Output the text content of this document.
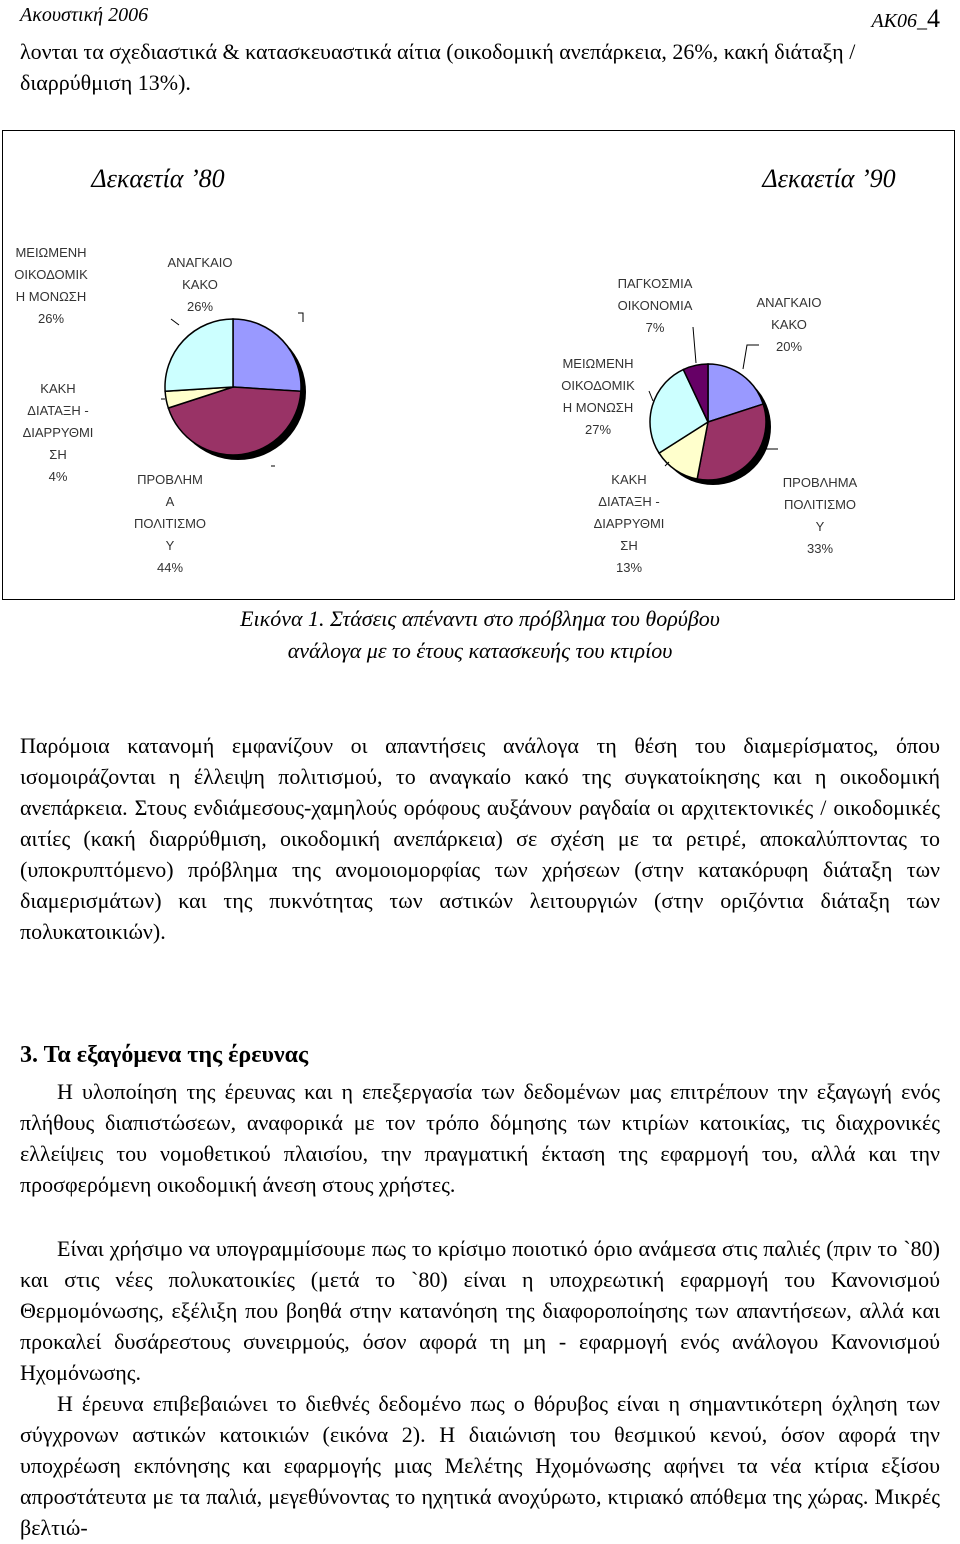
Ακουστική 2006	ΑΚ06_4

λονται τα σχεδιαστικά & κατασκευαστικά αίτια (οικοδομική ανεπάρκεια, 26%, κακή διάταξη / διαρρύθμιση 13%).

Δεκαετία ’80	Δεκαετία ’90
ΑΝΑΓΚΑΙΟ ΚΑΚΟ 26%
ΠΡΟΒΛΗΜ Α ΠΟΛΙΤΙΣΜΟ Υ 44%
ΚΑΚΗ ΔΙΑΤΑΞΗ -ΔΙΑΡΡΥΘΜΙ ΣΗ 4%
ΜΕΙΩΜΕΝΗ ΟΙΚΟΔΟΜΙΚ Η ΜΟΝΩΣΗ 26%
ΑΝΑΓΚΑΙΟ ΚΑΚΟ 20%
ΠΡΟΒΛΗΜΑ ΠΟΛΙΤΙΣΜΟ Υ 33%
ΚΑΚΗ ΔΙΑΤΑΞΗ -ΔΙΑΡΡΥΘΜΙ ΣΗ 13%
ΜΕΙΩΜΕΝΗ ΟΙΚΟΔΟΜΙΚ Η ΜΟΝΩΣΗ 27%
ΠΑΓΚΟΣΜΙΑ ΟΙΚΟΝΟΜΙΑ 7%
Εικόνα 1. Στάσεις απέναντι στο πρόβλημα του θορύβου
ανάλογα με το έτους κατασκευής του κτιρίου

Παρόμοια κατανομή εμφανίζουν οι απαντήσεις ανάλογα τη θέση του διαμερίσματος, όπου ισομοιράζονται η έλλειψη πολιτισμού, το αναγκαίο κακό της συγκατοίκησης και η οικοδομική ανεπάρκεια. Στους ενδιάμεσους-χαμηλούς ορόφους αυξάνουν ραγδαία οι αρχιτεκτονικές / οικοδομικές αιτίες (κακή διαρρύθμιση, οικοδομική ανεπάρκεια) σε σχέση με τα ρετιρέ, αποκαλύπτοντας το (υποκρυπτόμενο) πρόβλημα της ανομοιομορφίας των χρήσεων (στην κατακόρυφη διάταξη των διαμερισμάτων) και της πυκνότητας των αστικών λειτουργιών (στην οριζόντια διάταξη των πολυκατοικιών).

3. Τα εξαγόμενα της έρευνας

Η υλοποίηση της έρευνας και η επεξεργασία των δεδομένων μας επιτρέπουν την εξαγωγή ενός πλήθους διαπιστώσεων, αναφορικά με τον τρόπο δόμησης των κτιρίων κατοικίας, τις διαχρονικές ελλείψεις του νομοθετικού πλαισίου, την πραγματική έκταση της εφαρμογή του, αλλά και την προσφερόμενη οικοδομική άνεση στους χρήστες.

Είναι χρήσιμο να υπογραμμίσουμε πως το κρίσιμο ποιοτικό όριο ανάμεσα στις παλιές (πριν το `80) και στις νέες πολυκατοικίες (μετά το `80) είναι η υποχρεωτική εφαρμογή του Κανονισμού Θερμομόνωσης, εξέλιξη που βοηθά στην κατανόηση της διαφοροποίησης των απαντήσεων, αλλά και προκαλεί δυσάρεστους συνειρμούς, όσον αφορά τη μη - εφαρμογή ενός ανάλογου Κανονισμού Ηχομόνωσης.

Η έρευνα επιβεβαιώνει το διεθνές δεδομένο πως ο θόρυβος είναι η σημαντικότερη όχληση των σύγχρονων αστικών κατοικιών (εικόνα 2). Η διαιώνιση του θεσμικού κενού, όσον αφορά την υποχρέωση εκπόνησης και εφαρμογής μιας Μελέτης Ηχομόνωσης αφήνει τα νέα κτίρια εξίσου απροστάτευτα με τα παλιά, μεγεθύνοντας το ηχητικά ανοχύρωτο, κτιριακό απόθεμα της χώρας. Μικρές βελτιώ-
